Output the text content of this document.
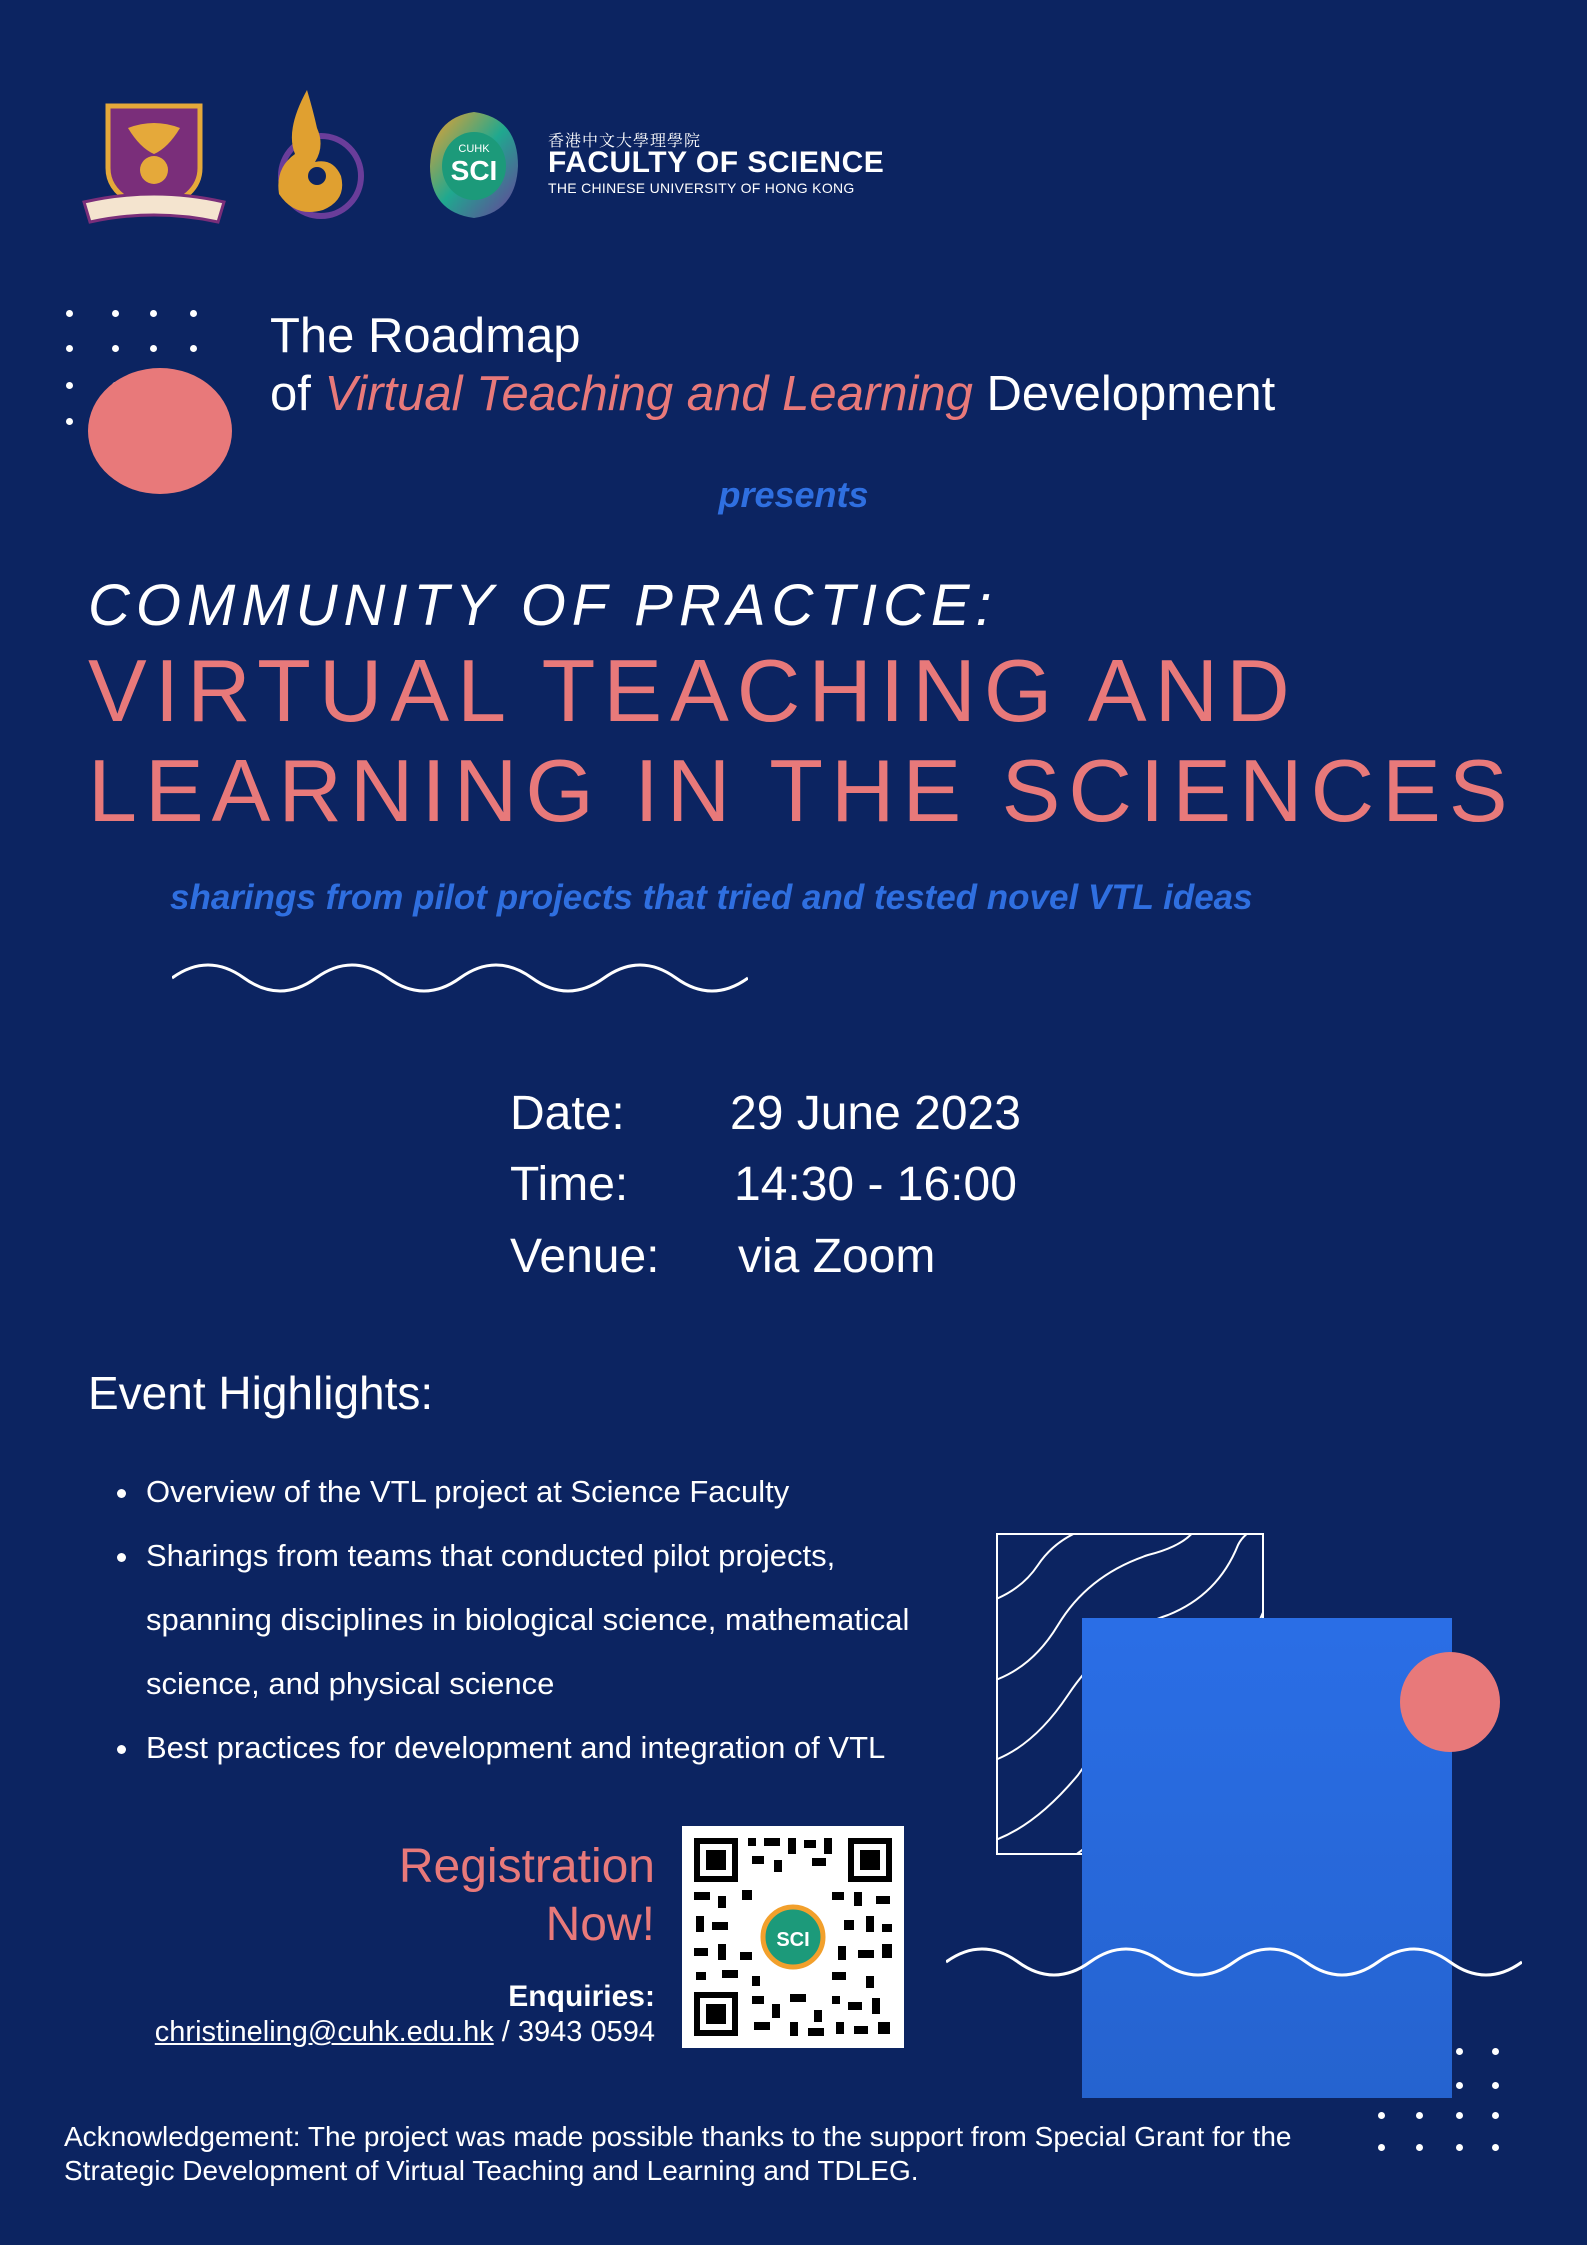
CUHK
SCI
香港中文大學理學院
FACULTY OF SCIENCE
THE CHINESE UNIVERSITY OF HONG KONG
The Roadmap
of Virtual Teaching and Learning Development
presents
COMMUNITY OF PRACTICE:
VIRTUAL TEACHING AND
LEARNING IN THE SCIENCES
sharings from pilot projects that tried and tested novel VTL ideas
Date: 29 June 2023
Time: 14:30 - 16:00
Venue: via Zoom
Event Highlights:
• Overview of the VTL project at Science Faculty
• Sharings from teams that conducted pilot projects, spanning disciplines in biological science, mathematical science, and physical science
• Best practices for development and integration of VTL
Registration
Now!	SCI
Enquiries:
christineling@cuhk.edu.hk / 3943 0594
Acknowledgement: The project was made possible thanks to the support from Special Grant for the Strategic Development of Virtual Teaching and Learning and TDLEG.
